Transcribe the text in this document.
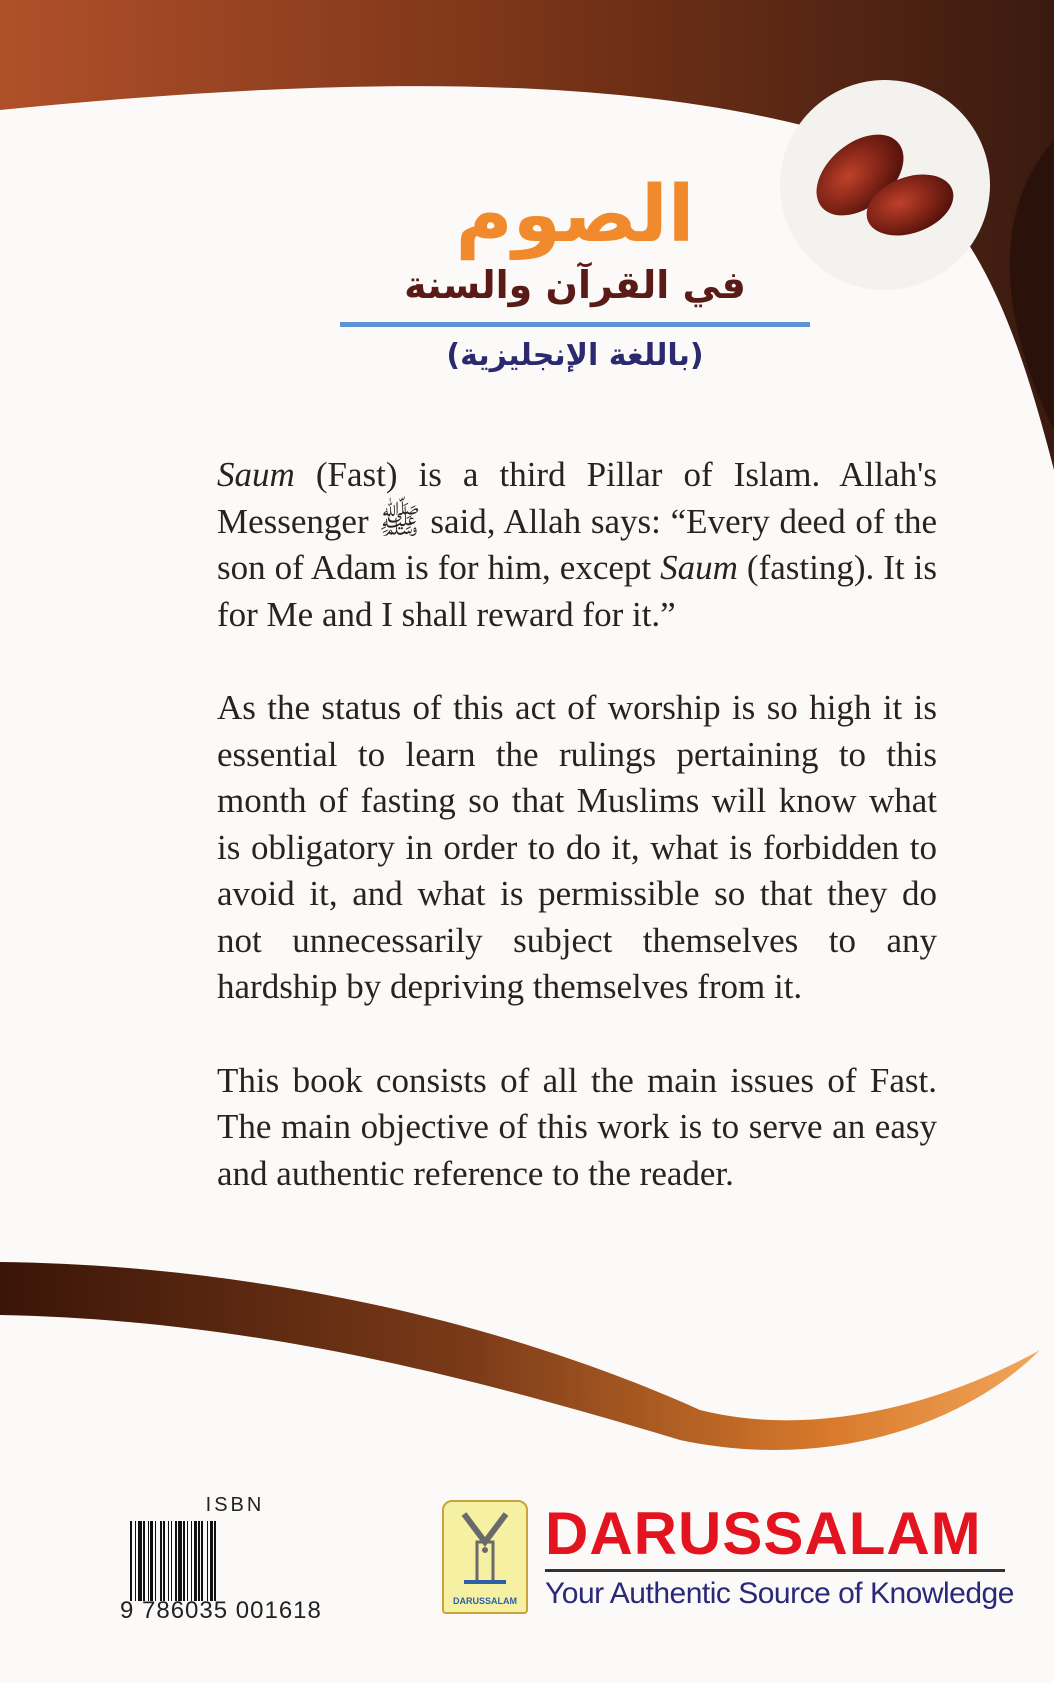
الصوم
في القرآن والسنة
(باللغة الإنجليزية)

Saum (Fast) is a third Pillar of Islam. Allah's Messenger ﷺ said, Allah says: “Every deed of the son of Adam is for him, except Saum (fasting). It is for Me and I shall reward for it.”

As the status of this act of worship is so high it is essential to learn the rulings pertaining to this month of fasting so that Muslims will know what is obligatory in order to do it, what is forbidden to avoid it, and what is permissible so that they do not unnecessarily subject themselves to any hardship by depriving themselves from it.

This book consists of all the main issues of Fast. The main objective of this work is to serve an easy and authentic reference to the reader.

ISBN
9 786035 001618	DARUSSALAM
DARUSSALAM
Your Authentic Source of Knowledge
